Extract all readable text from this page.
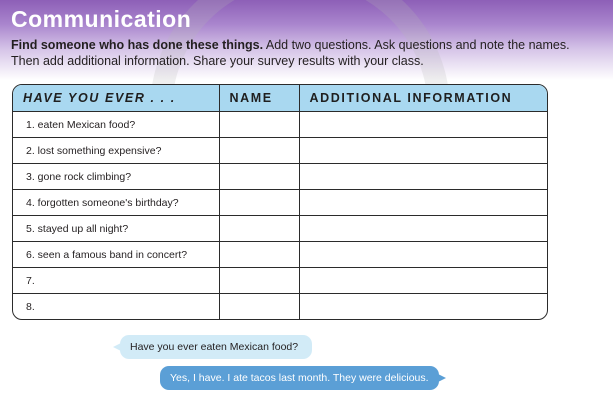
Communication
Find someone who has done these things. Add two questions. Ask questions and note the names. Then add additional information. Share your survey results with your class.
HAVE YOU EVER . . .	NAME	ADDITIONAL INFORMATION
1. eaten Mexican food?		
2. lost something expensive?		
3. gone rock climbing?		
4. forgotten someone's birthday?		
5. stayed up all night?		
6. seen a famous band in concert?		
7.		
8.		
Have you ever eaten Mexican food?
Yes, I have. I ate tacos last month. They were delicious.
